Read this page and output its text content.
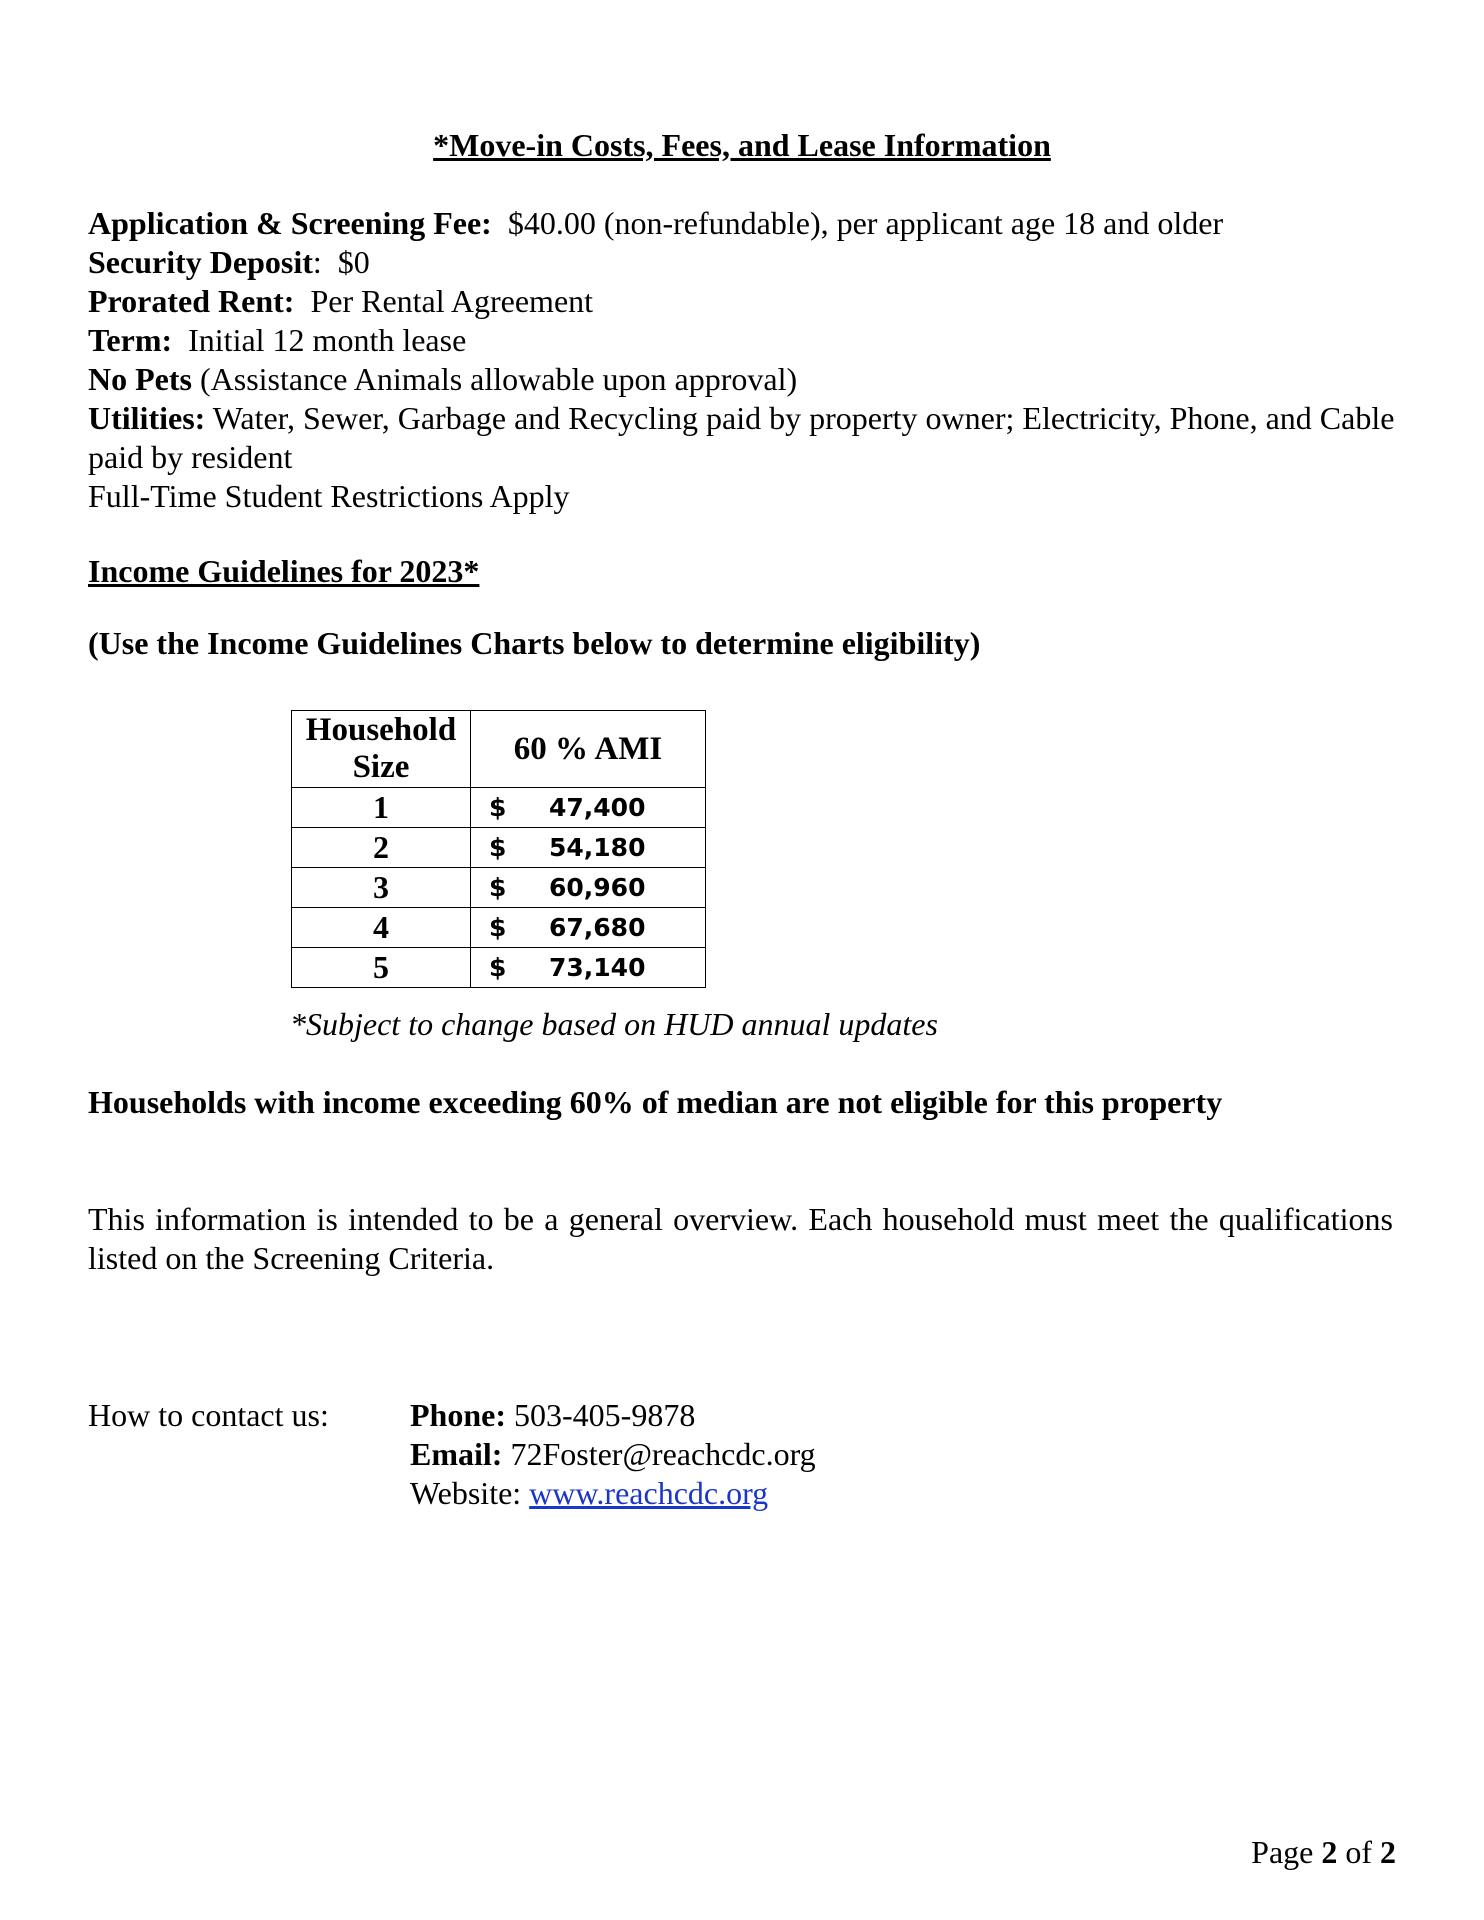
*Move-in Costs, Fees, and Lease Information

Application & Screening Fee: $40.00 (non-refundable), per applicant age 18 and older

Security Deposit:  $0

Prorated Rent: Per Rental Agreement

Term: Initial 12 month lease

No Pets (Assistance Animals allowable upon approval)

Utilities: Water, Sewer, Garbage and Recycling paid by property owner; Electricity, Phone, and Cable paid by resident

Full-Time Student Restrictions Apply

Income Guidelines for 2023*
(Use the Income Guidelines Charts below to determine eligibility)
Household Size	60 % AMI
1	$ 47,400
2	$ 54,180
3	$ 60,960
4	$ 67,680
5	$ 73,140
*Subject to change based on HUD annual updates
Households with income exceeding 60% of median are not eligible for this property

This information is intended to be a general overview. Each household must meet the qualifications listed on the Screening Criteria.

How to contact us:	Phone: 503-405-9878

Email: 72Foster@reachcdc.org

Website: www.reachcdc.org

Page 2 of 2
